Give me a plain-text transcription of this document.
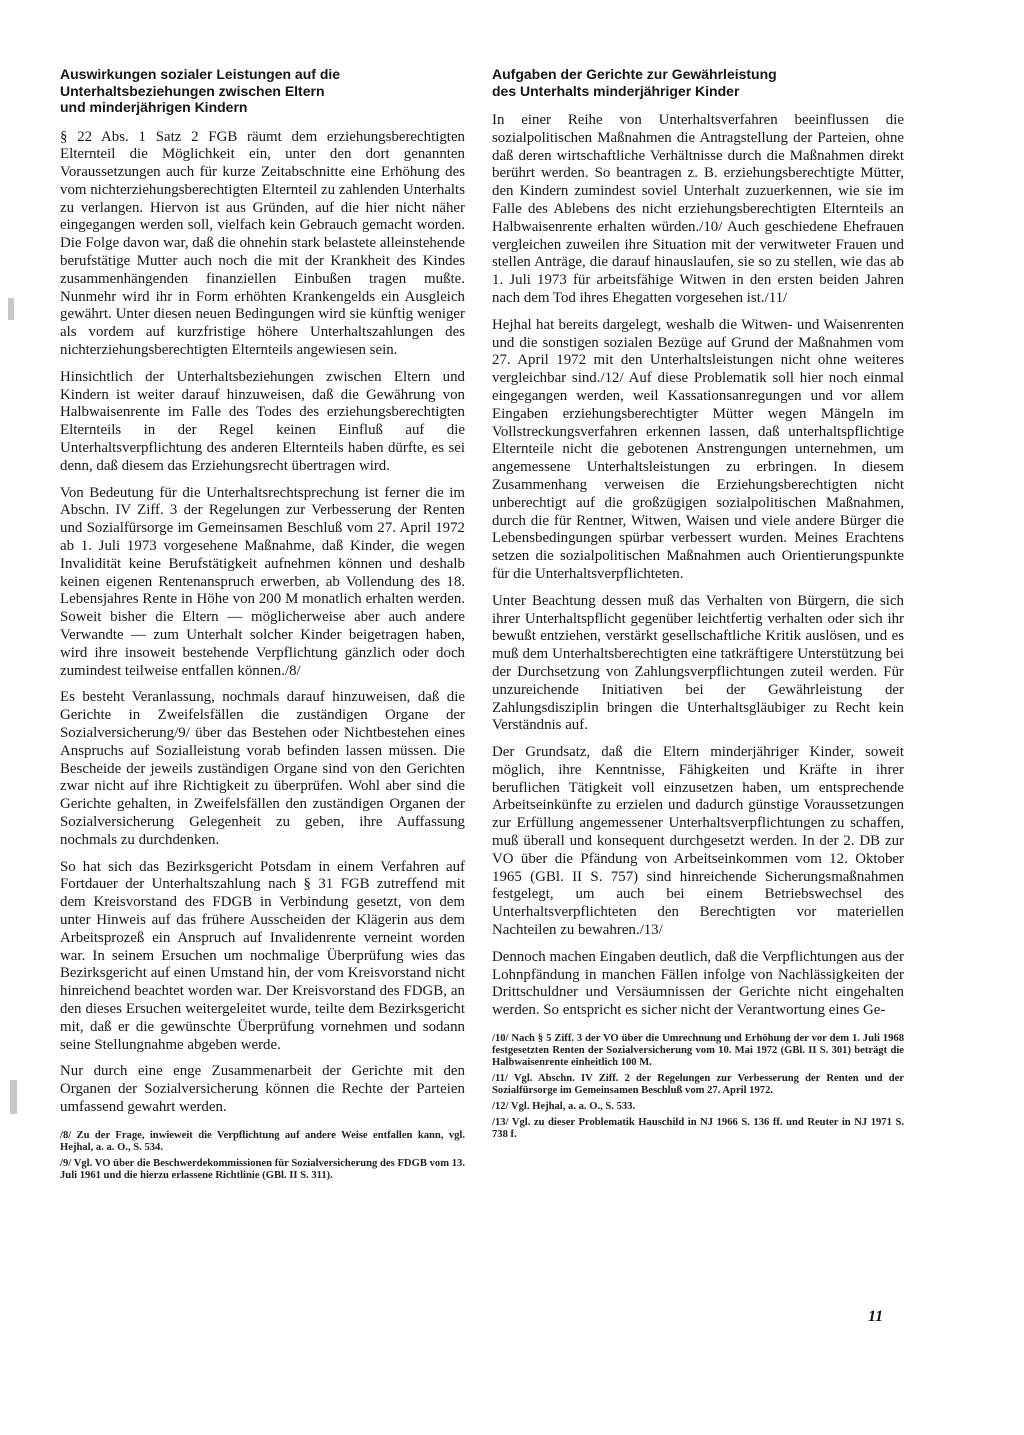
Auswirkungen sozialer Leistungen auf die
Unterhaltsbeziehungen zwischen Eltern
und minderjährigen Kindern

§ 22 Abs. 1 Satz 2 FGB räumt dem erziehungsberechtigten Elternteil die Möglichkeit ein, unter den dort genannten Voraussetzungen auch für kurze Zeitabschnitte eine Erhöhung des vom nichterziehungsberechtigten Elternteil zu zahlenden Unterhalts zu verlangen. Hiervon ist aus Gründen, auf die hier nicht näher eingegangen werden soll, vielfach kein Gebrauch gemacht worden. Die Folge davon war, daß die ohnehin stark belastete alleinstehende berufstätige Mutter auch noch die mit der Krankheit des Kindes zusammenhängenden finanziellen Einbußen tragen mußte. Nunmehr wird ihr in Form erhöhten Krankengelds ein Ausgleich gewährt. Unter diesen neuen Bedingungen wird sie künftig weniger als vordem auf kurzfristige höhere Unterhaltszahlungen des nichterziehungsberechtigten Elternteils angewiesen sein.

Hinsichtlich der Unterhaltsbeziehungen zwischen Eltern und Kindern ist weiter darauf hinzuweisen, daß die Gewährung von Halbwaisenrente im Falle des Todes des erziehungsberechtigten Elternteils in der Regel keinen Einfluß auf die Unterhaltsverpflichtung des anderen Elternteils haben dürfte, es sei denn, daß diesem das Erziehungsrecht übertragen wird.

Von Bedeutung für die Unterhaltsrechtsprechung ist ferner die im Abschn. IV Ziff. 3 der Regelungen zur Verbesserung der Renten und Sozialfürsorge im Gemeinsamen Beschluß vom 27. April 1972 ab 1. Juli 1973 vorgesehene Maßnahme, daß Kinder, die wegen Invalidität keine Berufstätigkeit aufnehmen können und deshalb keinen eigenen Rentenanspruch erwerben, ab Vollendung des 18. Lebensjahres Rente in Höhe von 200 M monatlich erhalten werden. Soweit bisher die Eltern — möglicherweise aber auch andere Verwandte — zum Unterhalt solcher Kinder beigetragen haben, wird ihre insoweit bestehende Verpflichtung gänzlich oder doch zumindest teilweise entfallen können./8/

Es besteht Veranlassung, nochmals darauf hinzuweisen, daß die Gerichte in Zweifelsfällen die zuständigen Organe der Sozialversicherung/9/ über das Bestehen oder Nichtbestehen eines Anspruchs auf Sozialleistung vorab befinden lassen müssen. Die Bescheide der jeweils zuständigen Organe sind von den Gerichten zwar nicht auf ihre Richtigkeit zu überprüfen. Wohl aber sind die Gerichte gehalten, in Zweifelsfällen den zuständigen Organen der Sozialversicherung Gelegenheit zu geben, ihre Auffassung nochmals zu durchdenken.

So hat sich das Bezirksgericht Potsdam in einem Verfahren auf Fortdauer der Unterhaltszahlung nach § 31 FGB zutreffend mit dem Kreisvorstand des FDGB in Verbindung gesetzt, von dem unter Hinweis auf das frühere Ausscheiden der Klägerin aus dem Arbeitsprozeß ein Anspruch auf Invalidenrente verneint worden war. In seinem Ersuchen um nochmalige Überprüfung wies das Bezirksgericht auf einen Umstand hin, der vom Kreisvorstand nicht hinreichend beachtet worden war. Der Kreisvorstand des FDGB, an den dieses Ersuchen weitergeleitet wurde, teilte dem Bezirksgericht mit, daß er die gewünschte Überprüfung vornehmen und sodann seine Stellungnahme abgeben werde.

Nur durch eine enge Zusammenarbeit der Gerichte mit den Organen der Sozialversicherung können die Rechte der Parteien umfassend gewahrt werden.

/8/ Zu der Frage, inwieweit die Verpflichtung auf andere Weise entfallen kann, vgl. Hejhal, a. a. O., S. 534.

/9/ Vgl. VO über die Beschwerdekommissionen für Sozialversicherung des FDGB vom 13. Juli 1961 und die hierzu erlassene Richtlinie (GBl. II S. 311).

Aufgaben der Gerichte zur Gewährleistung
des Unterhalts minderjähriger Kinder

In einer Reihe von Unterhaltsverfahren beeinflussen die sozialpolitischen Maßnahmen die Antragstellung der Parteien, ohne daß deren wirtschaftliche Verhältnisse durch die Maßnahmen direkt berührt werden. So beantragen z. B. erziehungsberechtigte Mütter, den Kindern zumindest soviel Unterhalt zuzuerkennen, wie sie im Falle des Ablebens des nicht erziehungsberechtigten Elternteils an Halbwaisenrente erhalten würden./10/ Auch geschiedene Ehefrauen vergleichen zuweilen ihre Situation mit der verwitweter Frauen und stellen Anträge, die darauf hinauslaufen, sie so zu stellen, wie das ab 1. Juli 1973 für arbeitsfähige Witwen in den ersten beiden Jahren nach dem Tod ihres Ehegatten vorgesehen ist./11/

Hejhal hat bereits dargelegt, weshalb die Witwen- und Waisenrenten und die sonstigen sozialen Bezüge auf Grund der Maßnahmen vom 27. April 1972 mit den Unterhaltsleistungen nicht ohne weiteres vergleichbar sind./12/ Auf diese Problematik soll hier noch einmal eingegangen werden, weil Kassationsanregungen und vor allem Eingaben erziehungsberechtigter Mütter wegen Mängeln im Vollstreckungsverfahren erkennen lassen, daß unterhaltspflichtige Elternteile nicht die gebotenen Anstrengungen unternehmen, um angemessene Unterhaltsleistungen zu erbringen. In diesem Zusammenhang verweisen die Erziehungsberechtigten nicht unberechtigt auf die großzügigen sozialpolitischen Maßnahmen, durch die für Rentner, Witwen, Waisen und viele andere Bürger die Lebensbedingungen spürbar verbessert wurden. Meines Erachtens setzen die sozialpolitischen Maßnahmen auch Orientierungspunkte für die Unterhaltsverpflichteten.

Unter Beachtung dessen muß das Verhalten von Bürgern, die sich ihrer Unterhaltspflicht gegenüber leichtfertig verhalten oder sich ihr bewußt entziehen, verstärkt gesellschaftliche Kritik auslösen, und es muß dem Unterhaltsberechtigten eine tatkräftigere Unterstützung bei der Durchsetzung von Zahlungsverpflichtungen zuteil werden. Für unzureichende Initiativen bei der Gewährleistung der Zahlungsdisziplin bringen die Unterhaltsgläubiger zu Recht kein Verständnis auf.

Der Grundsatz, daß die Eltern minderjähriger Kinder, soweit möglich, ihre Kenntnisse, Fähigkeiten und Kräfte in ihrer beruflichen Tätigkeit voll einzusetzen haben, um entsprechende Arbeitseinkünfte zu erzielen und dadurch günstige Voraussetzungen zur Erfüllung angemessener Unterhaltsverpflichtungen zu schaffen, muß überall und konsequent durchgesetzt werden. In der 2. DB zur VO über die Pfändung von Arbeitseinkommen vom 12. Oktober 1965 (GBl. II S. 757) sind hinreichende Sicherungsmaßnahmen festgelegt, um auch bei einem Betriebswechsel des Unterhaltsverpflichteten den Berechtigten vor materiellen Nachteilen zu bewahren./13/

Dennoch machen Eingaben deutlich, daß die Verpflichtungen aus der Lohnpfändung in manchen Fällen infolge von Nachlässigkeiten der Drittschuldner und Versäumnissen der Gerichte nicht eingehalten werden. So entspricht es sicher nicht der Verantwortung eines Ge-

/10/ Nach § 5 Ziff. 3 der VO über die Umrechnung und Erhöhung der vor dem 1. Juli 1968 festgesetzten Renten der Sozialversicherung vom 10. Mai 1972 (GBl. II S. 301) beträgt die Halbwaisenrente einheitlich 100 M.

/11/ Vgl. Abschn. IV Ziff. 2 der Regelungen zur Verbesserung der Renten und der Sozialfürsorge im Gemeinsamen Beschluß vom 27. April 1972.

/12/ Vgl. Hejhal, a. a. O., S. 533.

/13/ Vgl. zu dieser Problematik Hauschild in NJ 1966 S. 136 ff. und Reuter in NJ 1971 S. 738 f.

11
